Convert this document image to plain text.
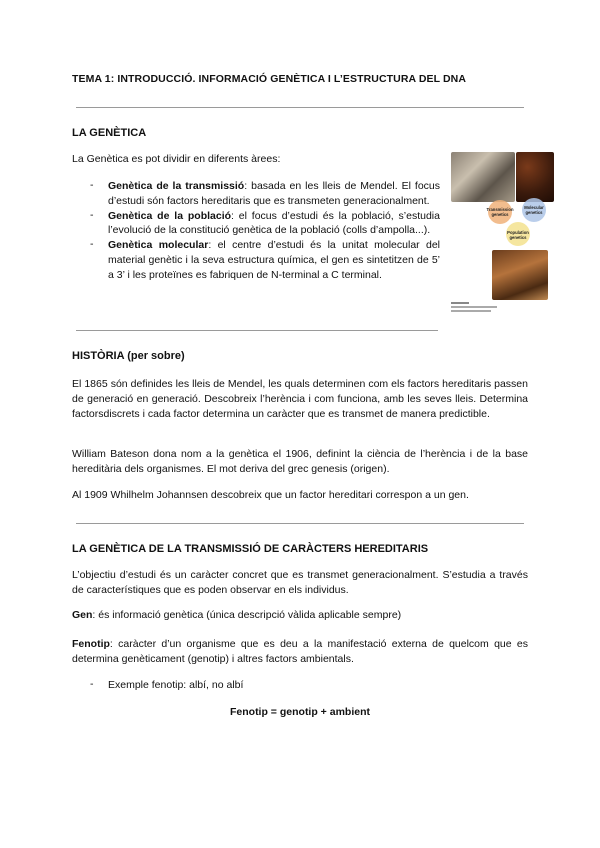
TEMA 1: INTRODUCCIÓ. INFORMACIÓ GENÈTICA I L’ESTRUCTURA DEL DNA
LA GENÈTICA
La Genètica es pot dividir en diferents àrees:
- Genètica de la transmissió: basada en les lleis de Mendel. El focus d’estudi són factors hereditaris que es transmeten generacionalment.
- Genètica de la població: el focus d’estudi és la població, s’estudia l’evolució de la constitució genètica de la població (colls d’ampolla...).
- Genètica molecular: el centre d’estudi és la unitat molecular del material genètic i la seva estructura química, el gen es sintetitzen de 5’ a 3’ i les proteïnes es fabriquen de N-terminal a C terminal.
Transmission genetics
Molecular genetics
Population genetics
HISTÒRIA (per sobre)
El 1865 són definides les lleis de Mendel, les quals determinen com els factors hereditaris passen de generació en generació. Descobreix l’herència i com funciona, amb les seves lleis. Determina factorsdiscrets i cada factor determina un caràcter que es transmet de manera predictible.
William Bateson dona nom a la genètica el 1906, definint la ciència de l’herència i de la base hereditària dels organismes. El mot deriva del grec genesis (origen).
Al 1909 Whilhelm Johannsen descobreix que un factor hereditari correspon a un gen.
LA GENÈTICA DE LA TRANSMISSIÓ DE CARÀCTERS HEREDITARIS
L’objectiu d’estudi és un caràcter concret que es transmet generacionalment. S’estudia a través de característiques que es poden observar en els individus.
Gen: és informació genètica (única descripció vàlida aplicable sempre)
Fenotip: caràcter d’un organisme que es deu a la manifestació externa de quelcom que es determina genèticament (genotip) i altres factors ambientals.
-	Exemple fenotip: albí, no albí
Fenotip = genotip + ambient
